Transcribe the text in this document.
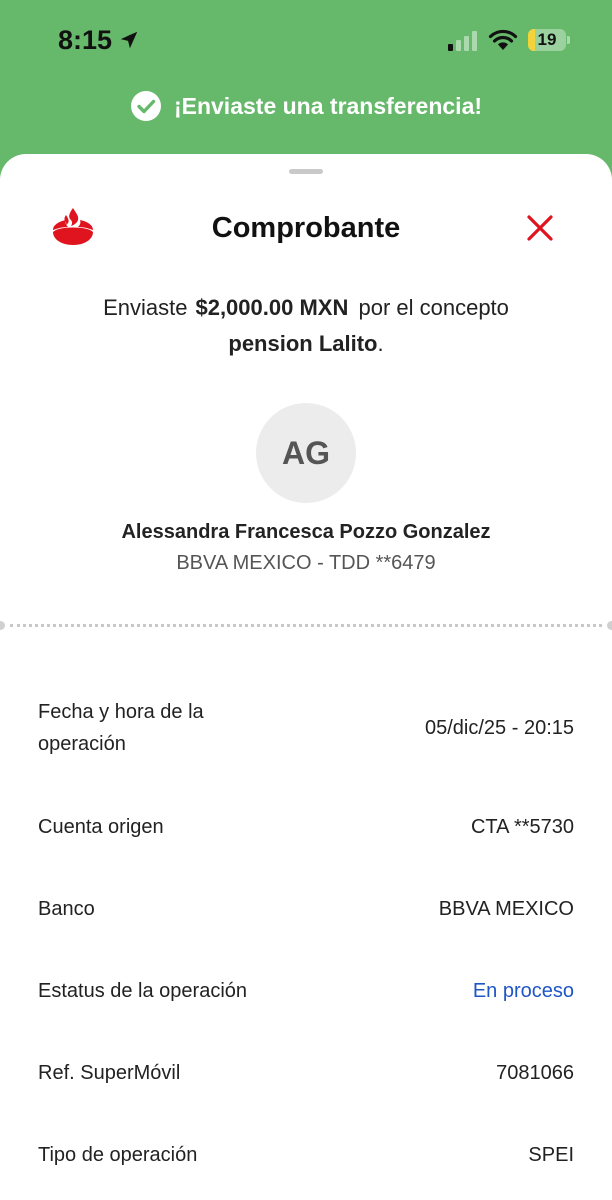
8:15	19
¡Enviaste una transferencia!
Comprobante
Enviaste $2,000.00 MXN por el concepto
pension Lalito.
AG
Alessandra Francesca Pozzo Gonzalez
BBVA MEXICO - TDD **6479
Fecha y hora de la operación
05/dic/25 - 20:15
Cuenta origen	CTA **5730
Banco	BBVA MEXICO
Estatus de la operación	En proceso
Ref. SuperMóvil	7081066
Tipo de operación	SPEI
